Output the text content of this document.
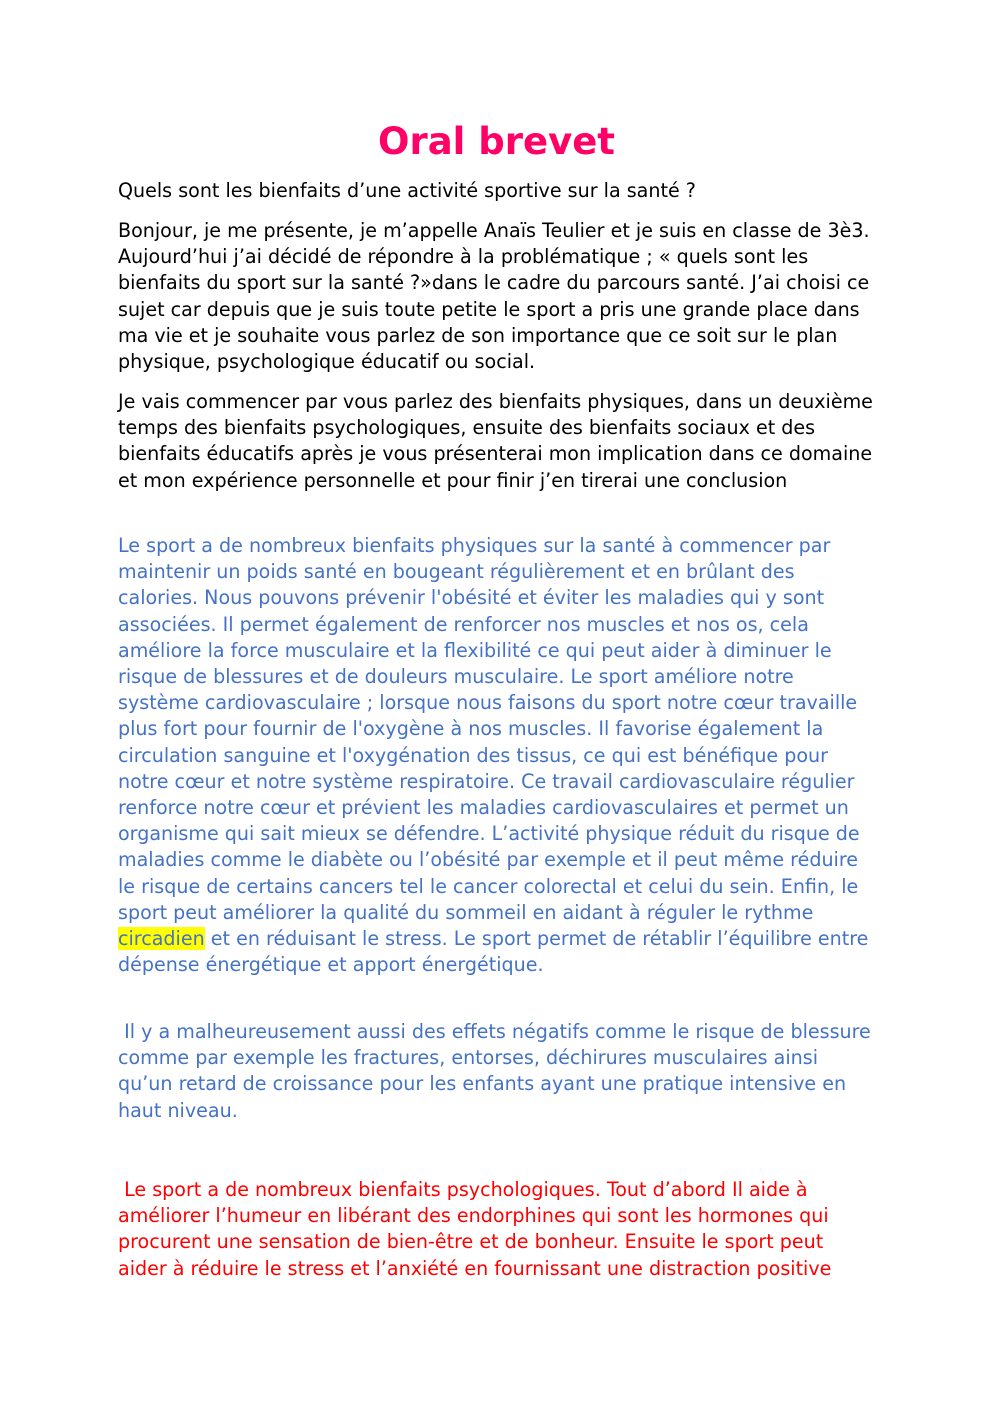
Oral brevet

Quels sont les bienfaits d’une activité sportive sur la santé ?

Bonjour, je me présente, je m’appelle Anaïs Teulier et je suis en classe de 3è3. Aujourd’hui j’ai décidé de répondre à la problématique ; « quels sont les bienfaits du sport sur la santé ?»dans le cadre du parcours santé. J’ai choisi ce sujet car depuis que je suis toute petite le sport a pris une grande place dans ma vie et je souhaite vous parlez de son importance que ce soit sur le plan physique, psychologique éducatif ou social.

Je vais commencer par vous parlez des bienfaits physiques, dans un deuxième temps des bienfaits psychologiques, ensuite des bienfaits sociaux et des bienfaits éducatifs après je vous présenterai mon implication dans ce domaine et mon expérience personnelle et pour finir j’en tirerai une conclusion

Le sport a de nombreux bienfaits physiques sur la santé à commencer par maintenir un poids santé en bougeant régulièrement et en brûlant des calories. Nous pouvons prévenir l'obésité et éviter les maladies qui y sont associées. Il permet également de renforcer nos muscles et nos os, cela améliore la force musculaire et la flexibilité ce qui peut aider à diminuer le risque de blessures et de douleurs musculaire. Le sport améliore notre système cardiovasculaire ; lorsque nous faisons du sport notre cœur travaille plus fort pour fournir de l'oxygène à nos muscles. Il favorise également la circulation sanguine et l'oxygénation des tissus, ce qui est bénéfique pour notre cœur et notre système respiratoire. Ce travail cardiovasculaire régulier renforce notre cœur et prévient les maladies cardiovasculaires et permet un organisme qui sait mieux se défendre. L’activité physique réduit du risque de maladies comme le diabète ou l’obésité par exemple et il peut même réduire le risque de certains cancers tel le cancer colorectal et celui du sein. Enfin, le sport peut améliorer la qualité du sommeil en aidant à réguler le rythme circadien et en réduisant le stress. Le sport permet de rétablir l’équilibre entre dépense énergétique et apport énergétique.

Il y a malheureusement aussi des effets négatifs comme le risque de blessure comme par exemple les fractures, entorses, déchirures musculaires ainsi qu’un retard de croissance pour les enfants ayant une pratique intensive en haut niveau.

Le sport a de nombreux bienfaits psychologiques. Tout d’abord Il aide à améliorer l’humeur en libérant des endorphines qui sont les hormones qui procurent une sensation de bien-être et de bonheur. Ensuite le sport peut aider à réduire le stress et l’anxiété en fournissant une distraction positive
